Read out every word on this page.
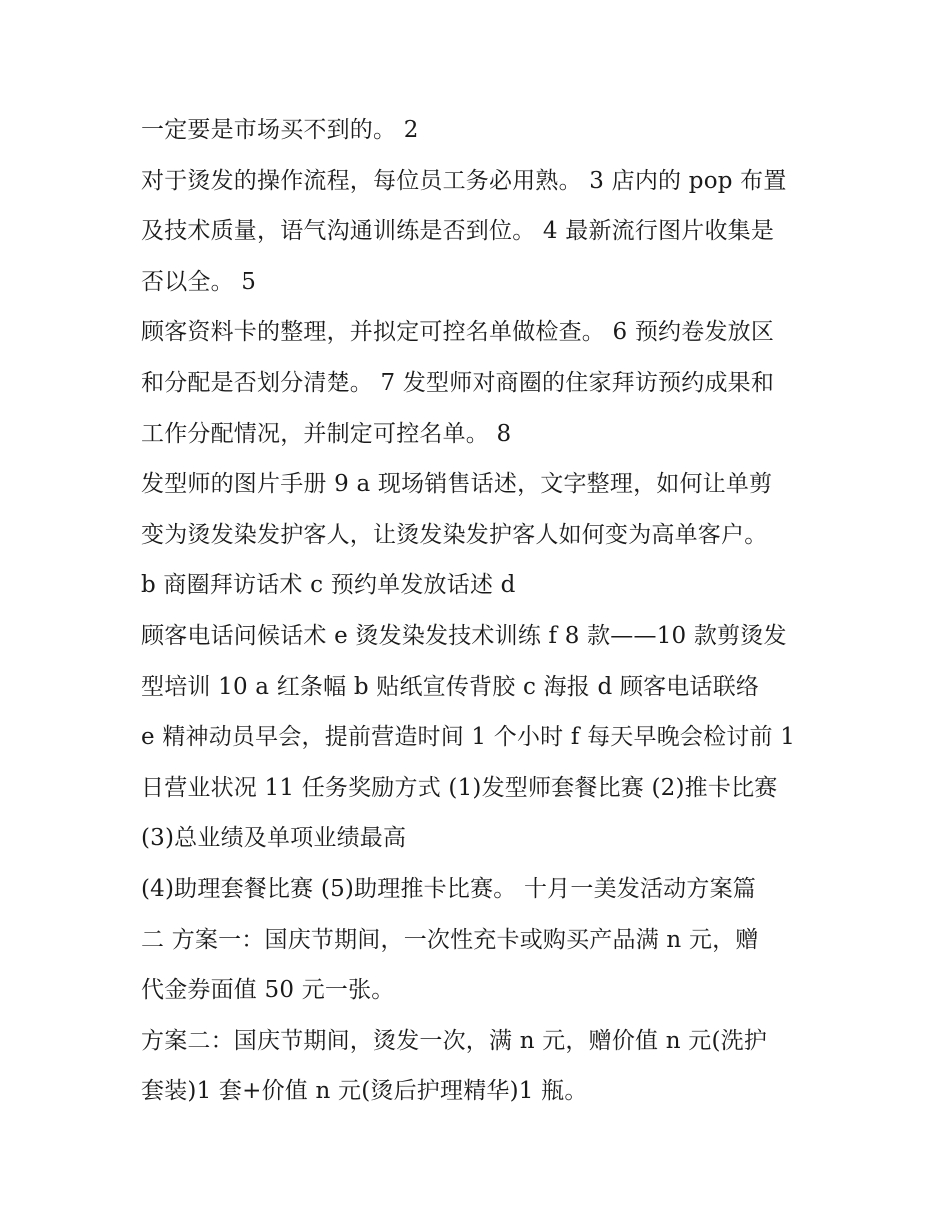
一定要是市场买不到的。 2
对于烫发的操作流程，每位员工务必用熟。 3 店内的 pop 布置
及技术质量，语气沟通训练是否到位。 4 最新流行图片收集是
否以全。 5
顾客资料卡的整理，并拟定可控名单做检查。 6 预约卷发放区
和分配是否划分清楚。 7 发型师对商圈的住家拜访预约成果和
工作分配情况，并制定可控名单。 8
发型师的图片手册 9 a 现场销售话述，文字整理，如何让单剪
变为烫发染发护客人，让烫发染发护客人如何变为高单客户。
b 商圈拜访话术 c 预约单发放话述 d
顾客电话问候话术 e 烫发染发技术训练 f 8 款——10 款剪烫发
型培训 10 a 红条幅 b 贴纸宣传背胶 c 海报 d 顾客电话联络
e 精神动员早会，提前营造时间 1 个小时 f 每天早晚会检讨前 1
日营业状况 11 任务奖励方式 (1)发型师套餐比赛 (2)推卡比赛
(3)总业绩及单项业绩最高
(4)助理套餐比赛 (5)助理推卡比赛。 十月一美发活动方案篇
二 方案一：国庆节期间，一次性充卡或购买产品满 n 元，赠
代金券面值 50 元一张。
方案二：国庆节期间，烫发一次，满 n 元，赠价值 n 元(洗护
套装)1 套+价值 n 元(烫后护理精华)1 瓶。
